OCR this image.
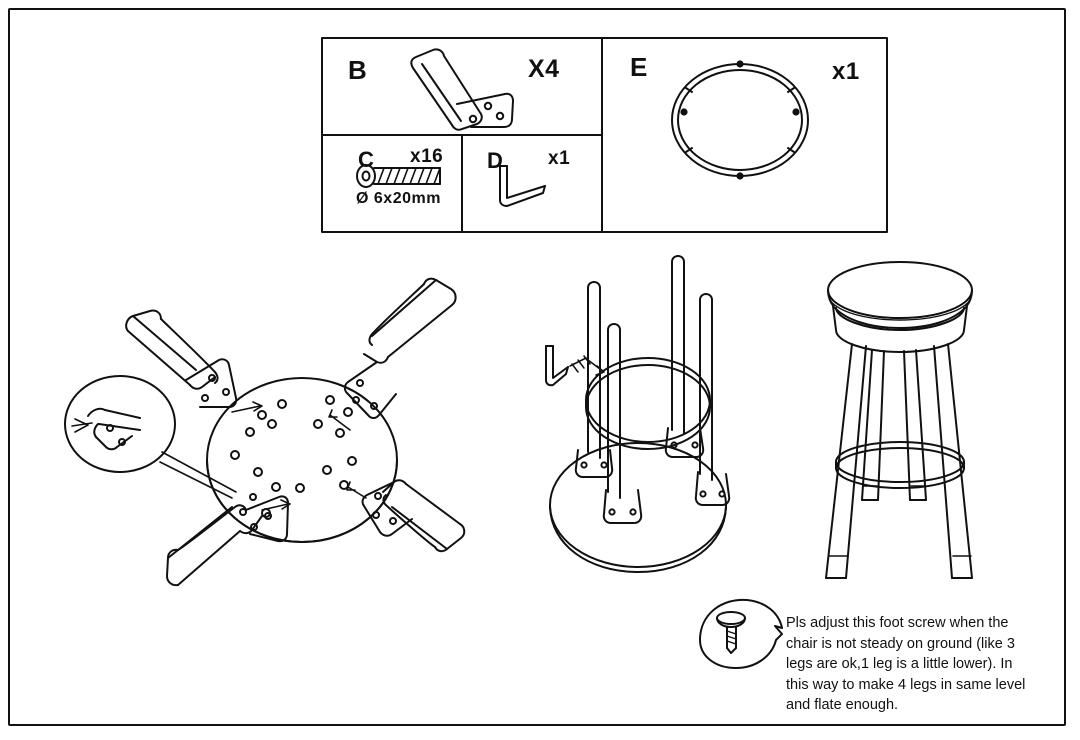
B	X4
C x16
Ø 6x20mm
D x1
E	x1
Pls adjust this foot screw when the chair is not steady on ground (like 3 legs are ok,1 leg is a little lower). In this way to make 4 legs in same level and flate enough.
